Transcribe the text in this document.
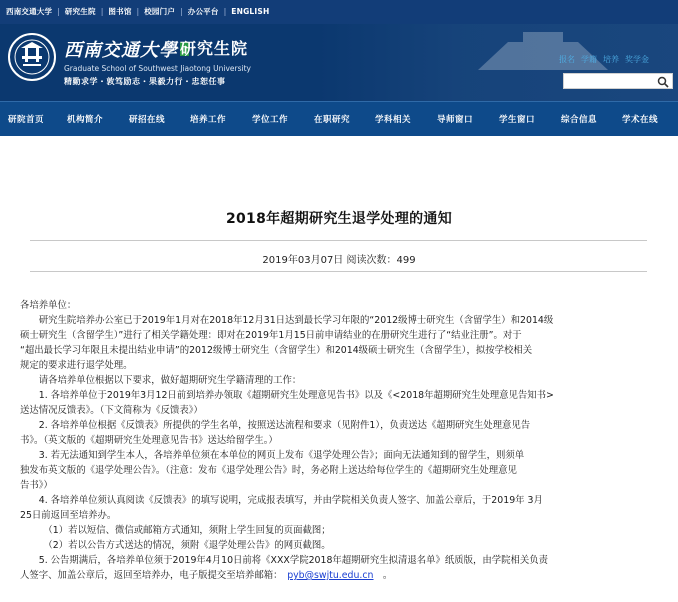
西南交通大学 | 研究生院 | 图书馆 | 校园门户 | 办公平台 | ENGLISH
西南交通大學 研究生院
Graduate School of Southwest Jiaotong University
精勤求学・敦笃励志・果毅力行・忠恕任事
报名 学籍 培养 奖学金
研院首页	机构简介	研招在线	培养工作	学位工作	在职研究	学科相关	导师窗口	学生窗口	综合信息	学术在线
2018年超期研究生退学处理的通知
2019年03月07日 阅读次数：499

各培养单位：

　　研究生院培养办公室已于2019年1月对在2018年12月31日达到最长学习年限的“2012级博士研究生（含留学生）和2014级

硕士研究生（含留学生）”进行了相关学籍处理：即对在2019年1月15日前申请结业的在册研究生进行了“结业注册”。对于

“超出最长学习年限且未提出结业申请”的2012级博士研究生（含留学生）和2014级硕士研究生（含留学生），拟按学校相关

规定的要求进行退学处理。

　　请各培养单位根据以下要求，做好超期研究生学籍清理的工作：

　　1. 各培养单位于2019年3月12日前到培养办领取《超期研究生处理意见告书》以及《<2018年超期研究生处理意见告知书>

送达情况反馈表》。（下文简称为《反馈表》）

　　2. 各培养单位根据《反馈表》所提供的学生名单，按照送达流程和要求（见附件1），负责送达《超期研究生处理意见告

书》。（英文版的《超期研究生处理意见告书》送达给留学生。）

　　3. 若无法通知到学生本人，各培养单位须在本单位的网页上发布《退学处理公告》；面向无法通知到的留学生，则须单

独发布英文版的《退学处理公告》。（注意：发布《退学处理公告》时，务必附上送达给每位学生的《超期研究生处理意见

告书》）

　　4. 各培养单位须认真阅读《反馈表》的填写说明，完成报表填写，并由学院相关负责人签字、加盖公章后，于2019年 3月

25日前返回至培养办。

　　　（1）若以短信、微信或邮箱方式通知，须附上学生回复的页面截图；

　　　（2）若以公告方式送达的情况，须附《退学处理公告》的网页截图。

　　5. 公告期满后，各培养单位须于2019年4月10日前将《XXX学院2018年超期研究生拟清退名单》纸质版，由学院相关负责

人签字、加盖公章后，返回至培养办，电子版提交至培养邮箱：　pyb@swjtu.edu.cn　。
